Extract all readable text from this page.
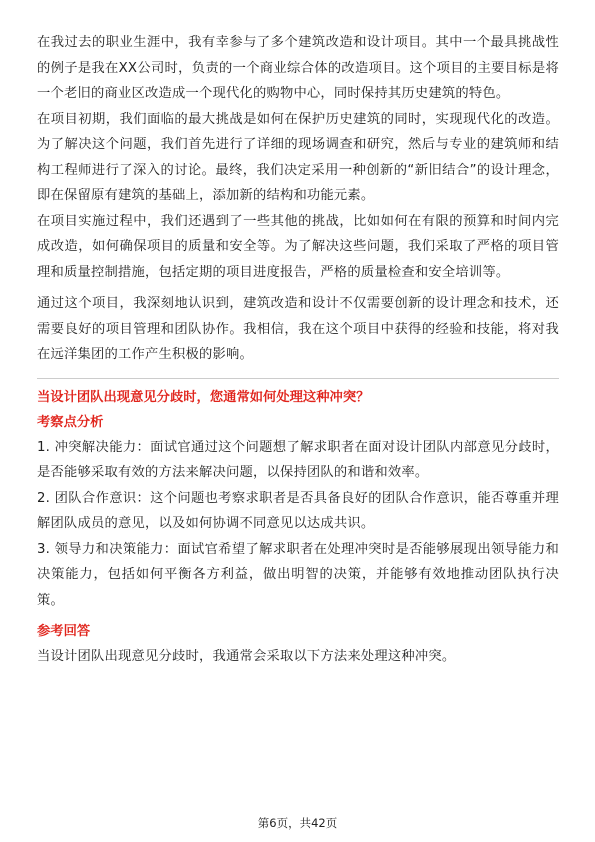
在我过去的职业生涯中，我有幸参与了多个建筑改造和设计项目。其中一个最具挑战性的例子是我在XX公司时，负责的一个商业综合体的改造项目。这个项目的主要目标是将一个老旧的商业区改造成一个现代化的购物中心，同时保持其历史建筑的特色。

在项目初期，我们面临的最大挑战是如何在保护历史建筑的同时，实现现代化的改造。为了解决这个问题，我们首先进行了详细的现场调查和研究，然后与专业的建筑师和结构工程师进行了深入的讨论。最终，我们决定采用一种创新的“新旧结合”的设计理念，即在保留原有建筑的基础上，添加新的结构和功能元素。

在项目实施过程中，我们还遇到了一些其他的挑战，比如如何在有限的预算和时间内完成改造，如何确保项目的质量和安全等。为了解决这些问题，我们采取了严格的项目管理和质量控制措施，包括定期的项目进度报告，严格的质量检查和安全培训等。

通过这个项目，我深刻地认识到，建筑改造和设计不仅需要创新的设计理念和技术，还需要良好的项目管理和团队协作。我相信，我在这个项目中获得的经验和技能，将对我在远洋集团的工作产生积极的影响。

当设计团队出现意见分歧时，您通常如何处理这种冲突？

考察点分析

1. 冲突解决能力：面试官通过这个问题想了解求职者在面对设计团队内部意见分歧时，是否能够采取有效的方法来解决问题，以保持团队的和谐和效率。

2. 团队合作意识：这个问题也考察求职者是否具备良好的团队合作意识，能否尊重并理解团队成员的意见，以及如何协调不同意见以达成共识。

3. 领导力和决策能力：面试官希望了解求职者在处理冲突时是否能够展现出领导能力和决策能力，包括如何平衡各方利益，做出明智的决策，并能够有效地推动团队执行决策。

参考回答

当设计团队出现意见分歧时，我通常会采取以下方法来处理这种冲突。

第6页，共42页
